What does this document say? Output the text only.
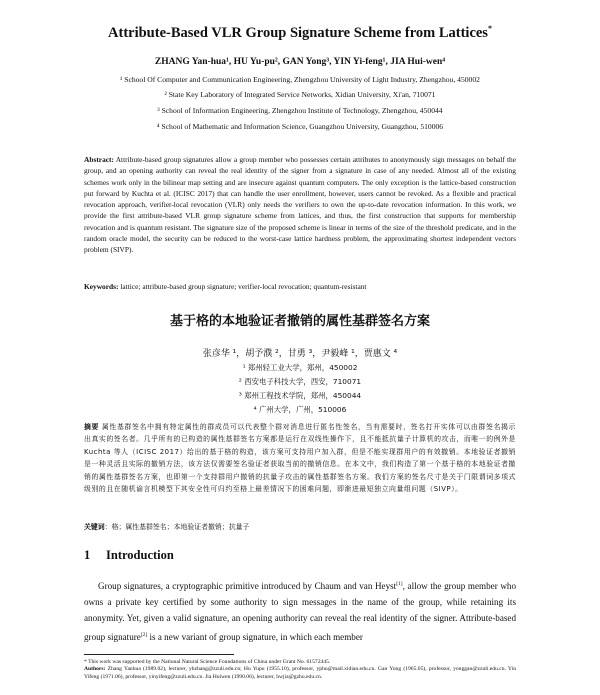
Attribute-Based VLR Group Signature Scheme from Lattices*
ZHANG Yan-hua¹, HU Yu-pu², GAN Yong³, YIN Yi-feng¹, JIA Hui-wen⁴
¹ School Of Computer and Communication Engineering, Zhengzhou University of Light Industry, Zhengzhou, 450002
² State Key Laboratory of Integrated Service Networks, Xidian University, Xi'an, 710071
³ School of Information Engineering, Zhengzhou Institute of Technology, Zhengzhou, 450044
⁴ School of Mathematic and Information Science, Guangzhou University, Guangzhou, 510006
Abstract: Attribute-based group signatures allow a group member who possesses certain attributes to anonymously sign messages on behalf the group, and an opening authority can reveal the real identity of the signer from a signature in case of any needed. Almost all of the existing schemes work only in the bilinear map setting and are insecure against quantum computers. The only exception is the lattice-based construction put forward by Kuchta et al. (ICISC 2017) that can handle the user enrollment, however, users cannot be revoked. As a flexible and practical revocation approach, verifier-local revocation (VLR) only needs the verifiers to own the up-to-date revocation information. In this work, we provide the first attribute-based VLR group signature scheme from lattices, and thus, the first construction that supports for membership revocation and is quantum resistant. The signature size of the proposed scheme is linear in terms of the size of the threshold predicate, and in the random oracle model, the security can be reduced to the worst-case lattice hardness problem, the approximating shortest independent vectors problem (SIVP).
Keywords: lattice; attribute-based group signature; verifier-local revocation; quantum-resistant
基于格的本地验证者撤销的属性基群签名方案
张彦华 ¹，胡予濮 ²，甘勇 ³，尹毅峰 ¹，贾惠文 ⁴
¹ 郑州轻工业大学，郑州，450002
² 西安电子科技大学，西安，710071
³ 郑州工程技术学院，郑州，450044
⁴ 广州大学，广州，510006
摘要 属性基群签名中拥有特定属性的群成员可以代表整个群对消息进行匿名性签名，当有需要时，签名打开实体可以由群签名揭示出真实的签名者。几乎所有的已构造的属性基群签名方案都是运行在双线性操作下，且不能抵抗量子计算机的攻击，而唯一的例外是 Kuchta 等人（ICISC 2017）给出的基于格的构造，该方案可支持用户加入群，但是不能实现群用户的有效撤销。本地验证者撤销是一种灵活且实际的撤销方法，该方法仅需要签名验证者获取当前的撤销信息。在本文中，我们构造了第一个基于格的本地验证者撤销的属性基群签名方案，也即第一个支持群用户撤销的抗量子攻击的属性基群签名方案。我们方案的签名尺寸是关于门限谓词多项式级别的且在随机谕言机模型下其安全性可归约至格上最差情况下的困难问题，即渐进最短独立向量组问题（SIVP）。
关键词：格；属性基群签名；本地验证者撤销；抗量子
1 Introduction
Group signatures, a cryptographic primitive introduced by Chaum and van Heyst[1], allow the group member who owns a private key certified by some authority to sign messages in the name of the group, while retaining its anonymity. Yet, given a valid signature, an opening authority can reveal the real identity of the signer. Attribute-based group signature[2] is a new variant of group signature, in which each member
* This work was supported by the National Natural Science Foundations of China under Grant No. 61572445.
Authors: Zhang Yanhua (1989.02), lecturer, yhzhang@zzuli.edu.cn; Hu Yupu (1955.10), professor, yphu@mail.xidian.edu.cn. Gan Yong (1965.05), professor, yonggan@zzuli.edu.cn. Yin Yifeng (1971.06), professor, yinyifeng@zzuli.edu.cn. Jia Huiwen (1990.06), lecturer, hwjia@gzhu.edu.cn.
